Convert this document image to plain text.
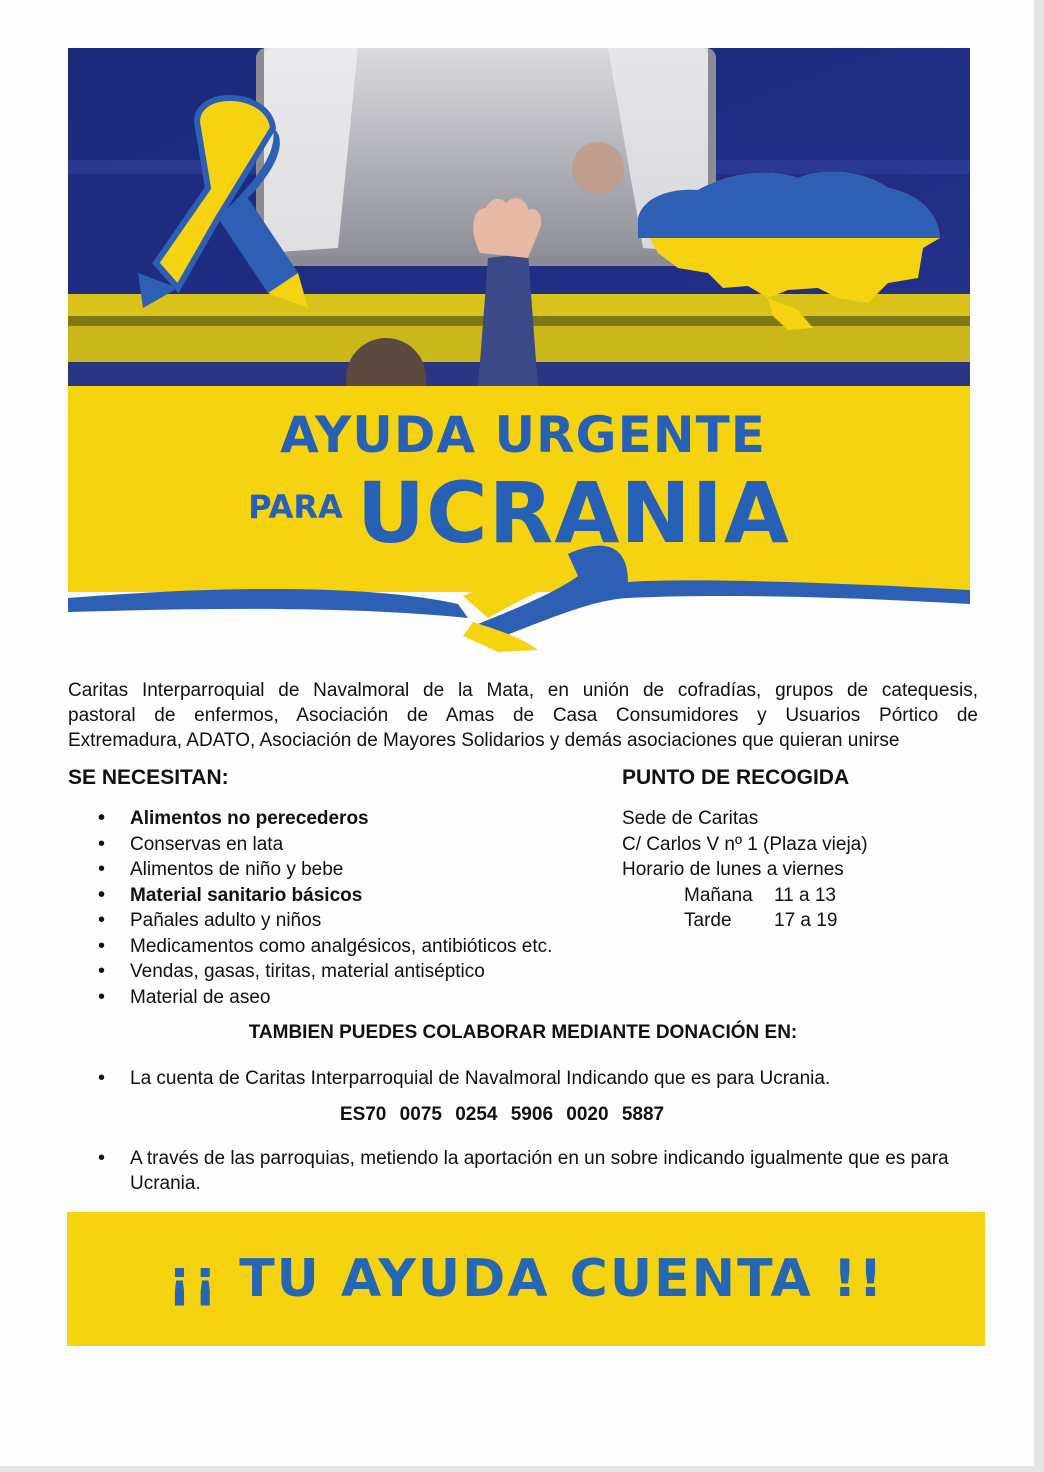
AYUDA URGENTE
PARA UCRANIA
Caritas Interparroquial de Navalmoral de la Mata, en unión de cofradías, grupos de catequesis,
pastoral de enfermos, Asociación de Amas de Casa Consumidores y Usuarios Pórtico de
Extremadura, ADATO, Asociación de Mayores Solidarios y demás asociaciones que quieran unirse
SE NECESITAN:
• Alimentos no perecederos
• Conservas en lata
• Alimentos de niño y bebe
• Material sanitario básicos
• Pañales adulto y niños
• Medicamentos como analgésicos, antibióticos etc.
• Vendas, gasas, tiritas, material antiséptico
• Material de aseo
PUNTO DE RECOGIDA
Sede de Caritas
C/ Carlos V nº 1 (Plaza vieja)
Horario de lunes a viernes
Mañana 11 a 13
Tarde 17 a 19
TAMBIEN PUEDES COLABORAR MEDIANTE DONACIÓN EN:
• La cuenta de Caritas Interparroquial de Navalmoral Indicando que es para Ucrania.
ES70 0075 0254 5906 0020 5887
• A través de las parroquias, metiendo la aportación en un sobre indicando igualmente que es para Ucrania.
¡¡ TU AYUDA CUENTA !!
